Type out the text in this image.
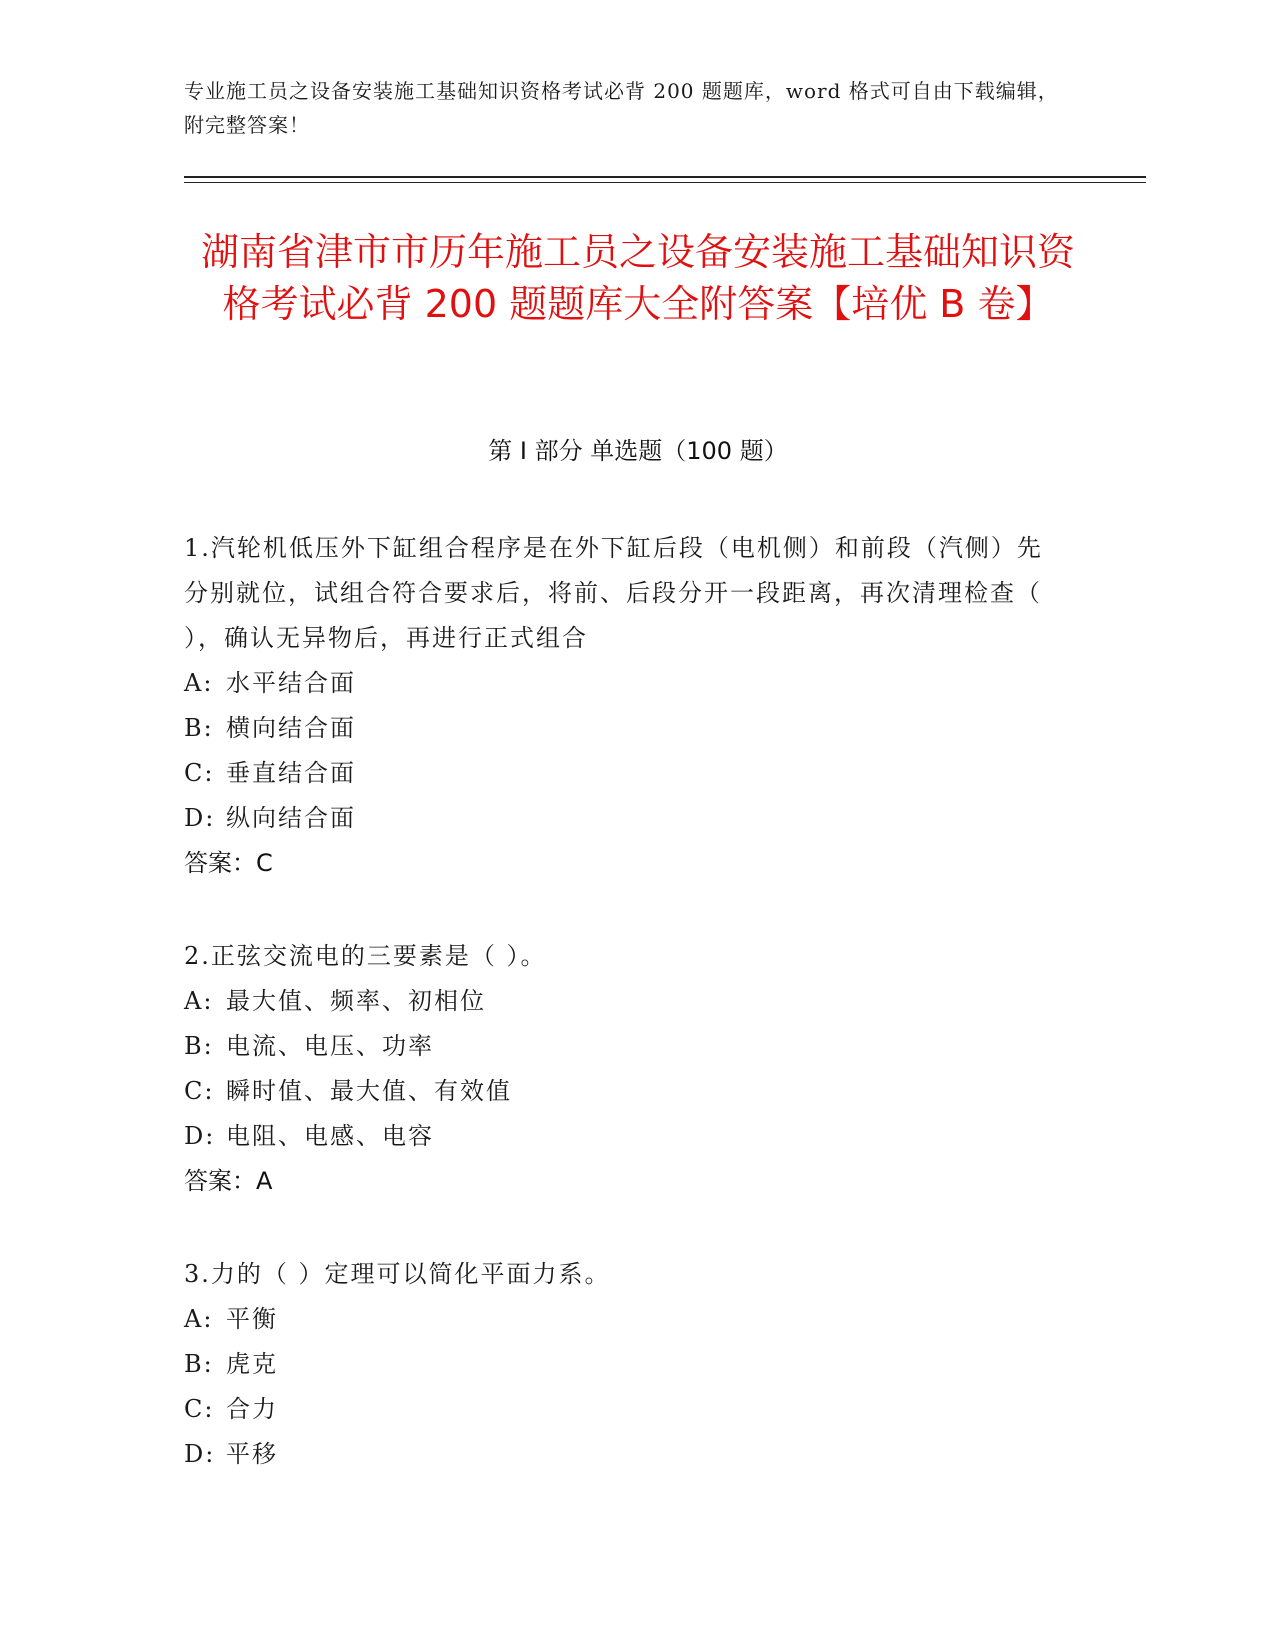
专业施工员之设备安装施工基础知识资格考试必背 200 题题库，word 格式可自由下载编辑，附完整答案！
湖南省津市市历年施工员之设备安装施工基础知识资格考试必背 200 题题库大全附答案【培优 B 卷】
第 I 部分 单选题（100 题）
1.汽轮机低压外下缸组合程序是在外下缸后段（电机侧）和前段（汽侧）先分别就位，试组合符合要求后，将前、后段分开一段距离，再次清理检查（ ），确认无异物后，再进行正式组合
A: 水平结合面
B: 横向结合面
C: 垂直结合面
D: 纵向结合面
答案：C
2.正弦交流电的三要素是（ ）。
A: 最大值、频率、初相位
B: 电流、电压、功率
C: 瞬时值、最大值、有效值
D: 电阻、电感、电容
答案：A
3.力的（ ）定理可以简化平面力系。
A: 平衡
B: 虎克
C: 合力
D: 平移
